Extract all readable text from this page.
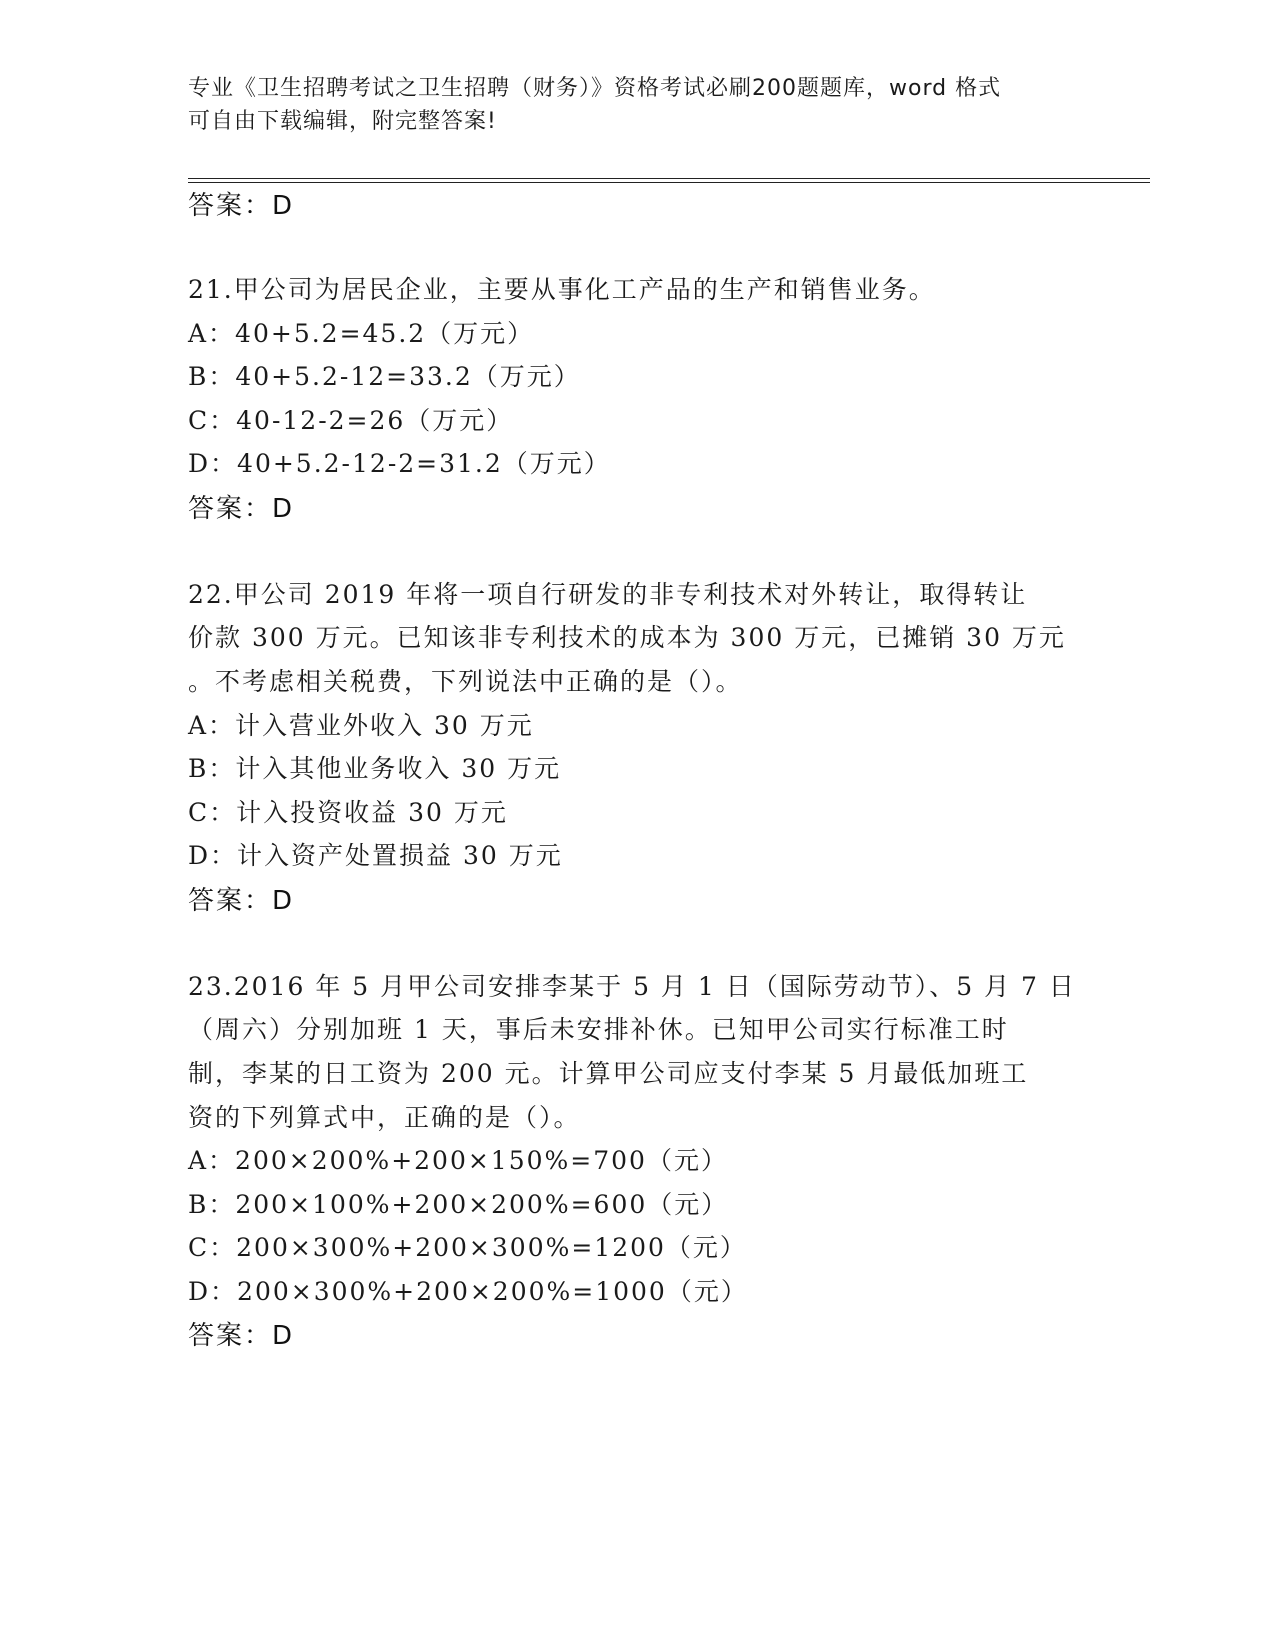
专业《卫生招聘考试之卫生招聘（财务）》资格考试必刷200题题库，word 格式
可自由下载编辑，附完整答案!
答案：D
21.甲公司为居民企业，主要从事化工产品的生产和销售业务。
A：40+5.2=45.2（万元）
B：40+5.2-12=33.2（万元）
C：40-12-2=26（万元）
D：40+5.2-12-2=31.2（万元）
答案：D
22.甲公司 2019 年将一项自行研发的非专利技术对外转让，取得转让
价款 300 万元。已知该非专利技术的成本为 300 万元，已摊销 30 万元
。不考虑相关税费，下列说法中正确的是（）。
A：计入营业外收入 30 万元
B：计入其他业务收入 30 万元
C：计入投资收益 30 万元
D：计入资产处置损益 30 万元
答案：D
23.2016 年 5 月甲公司安排李某于 5 月 1 日（国际劳动节）、5 月 7 日
（周六）分别加班 1 天，事后未安排补休。已知甲公司实行标准工时
制，李某的日工资为 200 元。计算甲公司应支付李某 5 月最低加班工
资的下列算式中，正确的是（）。
A：200×200%+200×150%=700（元）
B：200×100%+200×200%=600（元）
C：200×300%+200×300%=1200（元）
D：200×300%+200×200%=1000（元）
答案：D
